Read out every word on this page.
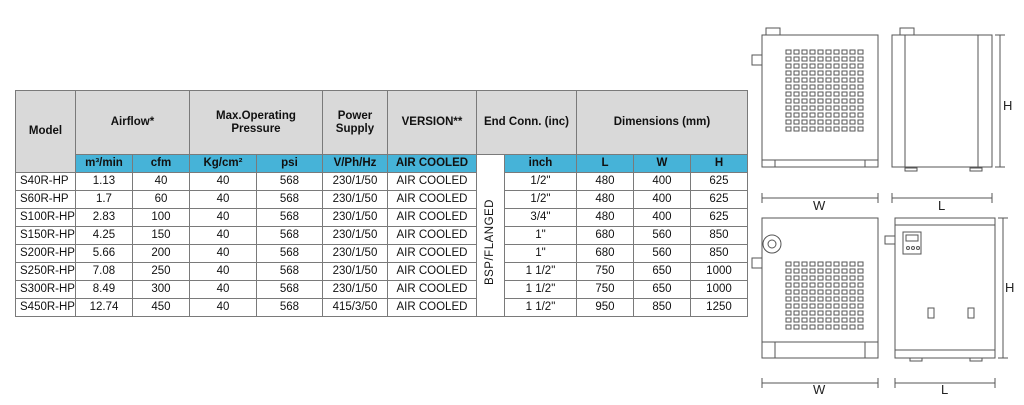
Model	Airflow*		Max.Operating Pressure		Power Supply	VERSION**	End Conn. (inc)		Dimensions (mm)		
	m³/min	cfm	Kg/cm²	psi	V/Ph/Hz	AIR COOLED		inch	L	W	H
S40R-HP	1.13	40	40	568	230/1/50	AIR COOLED	BSP/FLANGED	1/2"	480	400	625
S60R-HP	1.7	60	40	568	230/1/50	AIR COOLED		1/2"	480	400	625
S100R-HP	2.83	100	40	568	230/1/50	AIR COOLED		3/4"	480	400	625
S150R-HP	4.25	150	40	568	230/1/50	AIR COOLED		1"	680	560	850
S200R-HP	5.66	200	40	568	230/1/50	AIR COOLED		1"	680	560	850
S250R-HP	7.08	250	40	568	230/1/50	AIR COOLED		1 1/2"	750	650	1000
S300R-HP	8.49	300	40	568	230/1/50	AIR COOLED		1 1/2"	750	650	1000
S450R-HP	12.74	450	40	568	415/3/50	AIR COOLED		1 1/2"	950	850	1250
H
W	L
H
W	L
